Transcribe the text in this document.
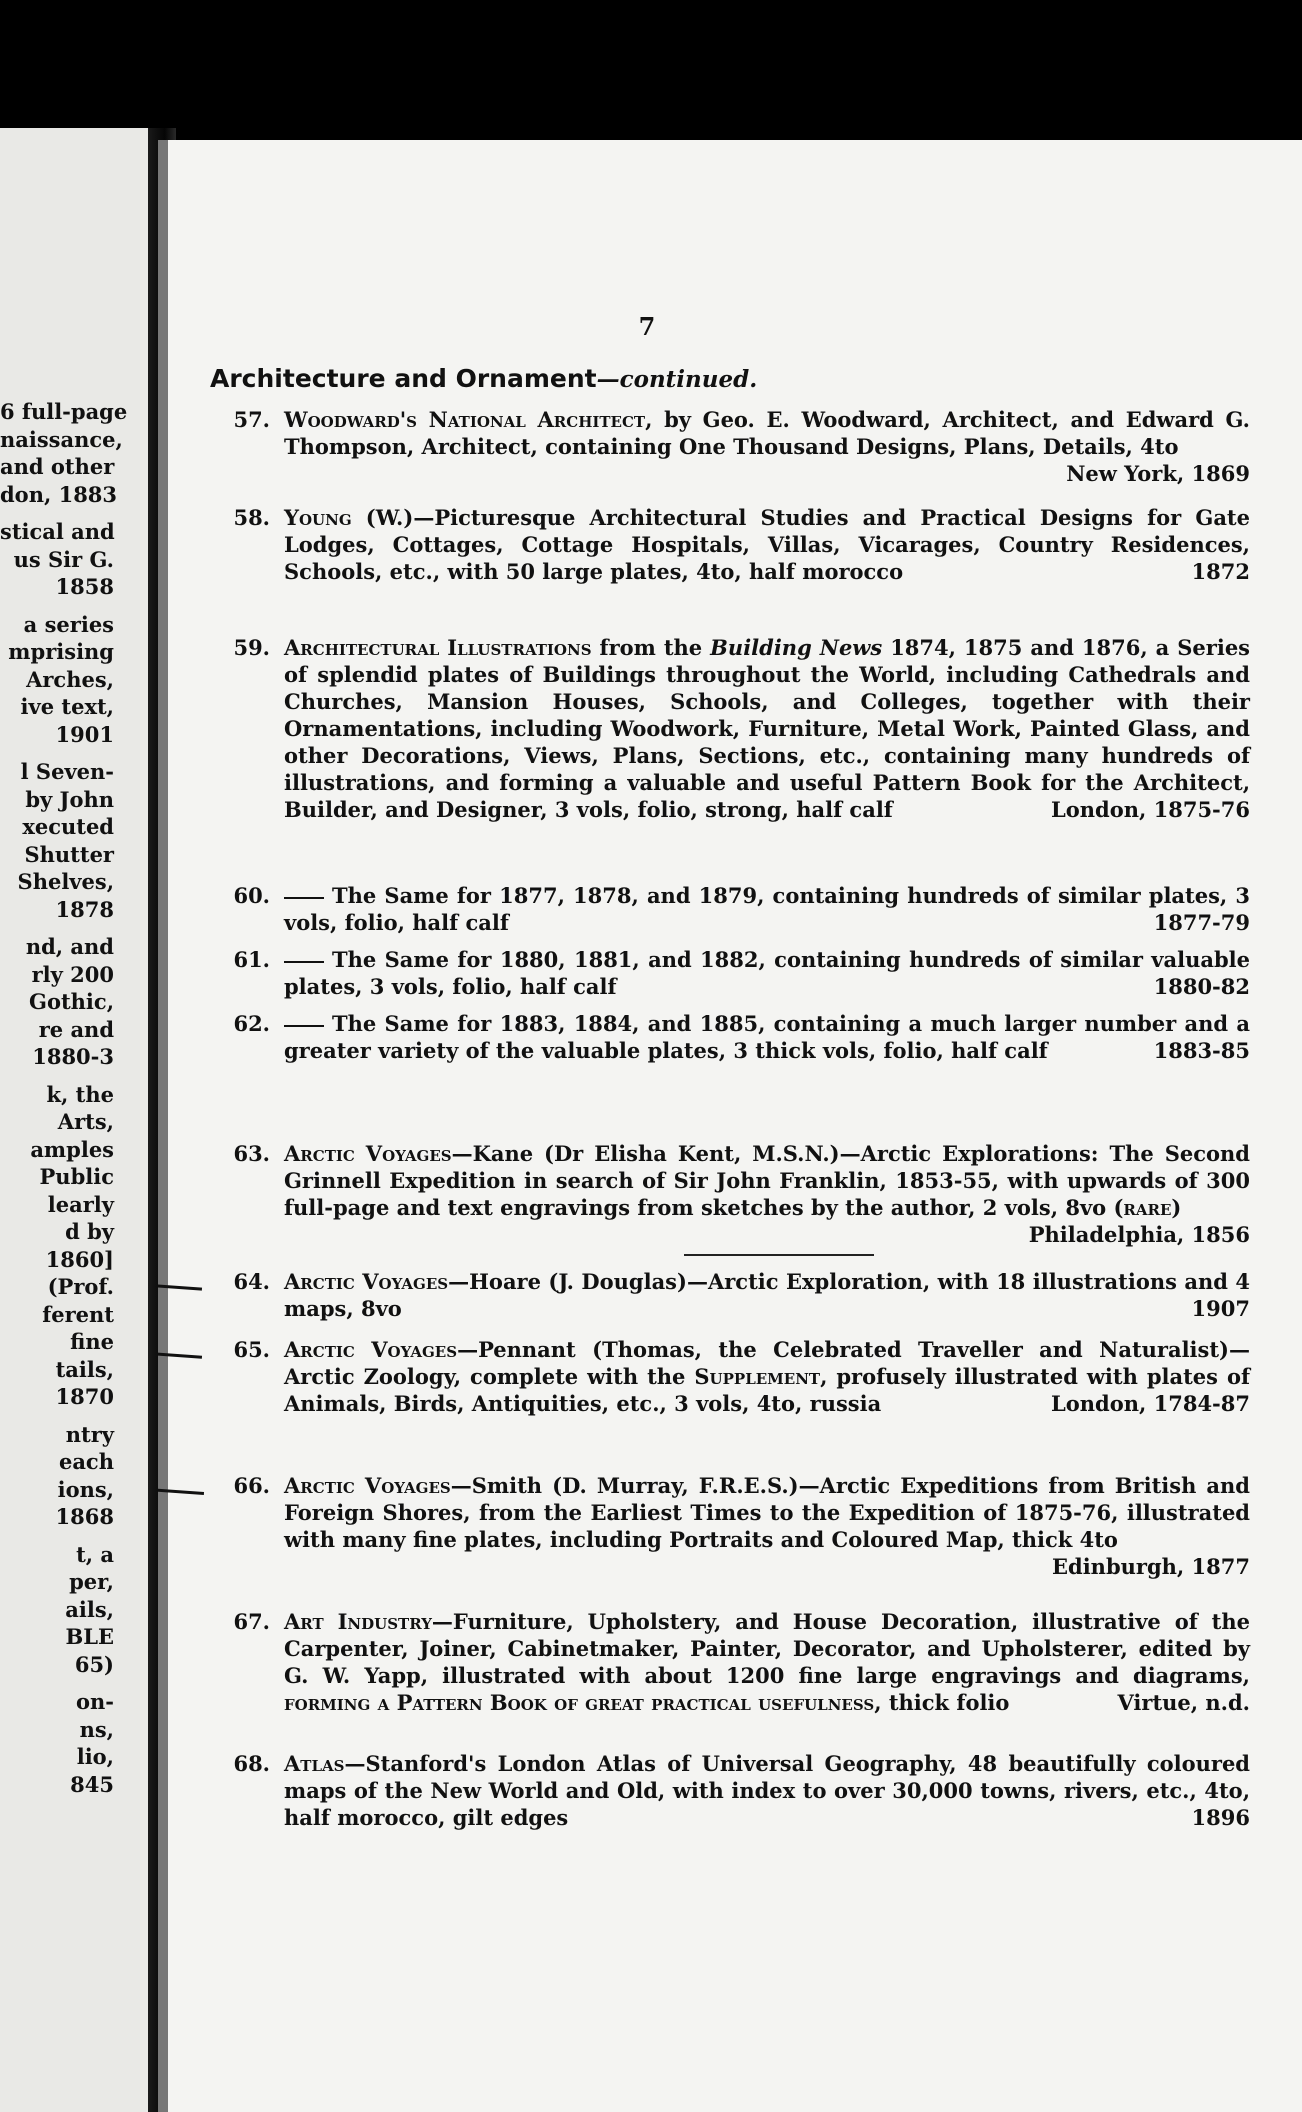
6 full-page
naissance,
and other
don, 1883
stical and
us Sir G.
1858
a series
mprising
Arches,
ive text,
1901
l Seven-
by John
xecuted
Shutter
Shelves,
1878
nd, and
rly 200
Gothic,
re and
1880-3
k, the
Arts,
amples
Public
learly
d by
1860]
(Prof.
ferent
fine
tails,
1870
ntry
each
ions,
1868
t, a
per,
ails,
BLE
65)
on-
ns,
lio,
845
7
Architecture and Ornament—continued.
57. Woodward's National Architect, by Geo. E. Woodward, Architect, and Edward G. Thompson, Architect, containing One Thousand Designs, Plans, Details, 4to
New York, 1869
58. Young (W.)—Picturesque Architectural Studies and Practical Designs for Gate Lodges, Cottages, Cottage Hospitals, Villas, Vicarages, Country Residences, Schools, etc., with 50 large plates, 4to, half morocco	1872
59. Architectural Illustrations from the Building News 1874, 1875 and 1876, a Series of splendid plates of Buildings throughout the World, including Cathedrals and Churches, Mansion Houses, Schools, and Colleges, together with their Ornamentations, including Woodwork, Furniture, Metal Work, Painted Glass, and other Decorations, Views, Plans, Sections, etc., containing many hundreds of illustrations, and forming a valuable and useful Pattern Book for the Architect, Builder, and Designer, 3 vols, folio, strong, half calf	London, 1875-76
60.	The Same for 1877, 1878, and 1879, containing hundreds of similar plates, 3 vols, folio, half calf	1877-79
61.	The Same for 1880, 1881, and 1882, containing hundreds of similar valuable plates, 3 vols, folio, half calf	1880-82
62.	The Same for 1883, 1884, and 1885, containing a much larger number and a greater variety of the valuable plates, 3 thick vols, folio, half calf	1883-85
63. Arctic Voyages—Kane (Dr Elisha Kent, M.S.N.)—Arctic Explorations: The Second Grinnell Expedition in search of Sir John Franklin, 1853-55, with upwards of 300 full-page and text engravings from sketches by the author, 2 vols, 8vo (rare)
Philadelphia, 1856
64. Arctic Voyages—Hoare (J. Douglas)—Arctic Exploration, with 18 illustrations and 4 maps, 8vo	1907
65. Arctic Voyages—Pennant (Thomas, the Celebrated Traveller and Naturalist)—Arctic Zoology, complete with the Supplement, profusely illustrated with plates of Animals, Birds, Antiquities, etc., 3 vols, 4to, russia	London, 1784-87
66. Arctic Voyages—Smith (D. Murray, F.R.E.S.)—Arctic Expeditions from British and Foreign Shores, from the Earliest Times to the Expedition of 1875-76, illustrated with many fine plates, including Portraits and Coloured Map, thick 4to
Edinburgh, 1877
67. Art Industry—Furniture, Upholstery, and House Decoration, illustrative of the Carpenter, Joiner, Cabinetmaker, Painter, Decorator, and Upholsterer, edited by G. W. Yapp, illustrated with about 1200 fine large engravings and diagrams, forming a Pattern Book of great practical usefulness, thick folio	Virtue, n.d.
68. Atlas—Stanford's London Atlas of Universal Geography, 48 beautifully coloured maps of the New World and Old, with index to over 30,000 towns, rivers, etc., 4to, half morocco, gilt edges	1896
